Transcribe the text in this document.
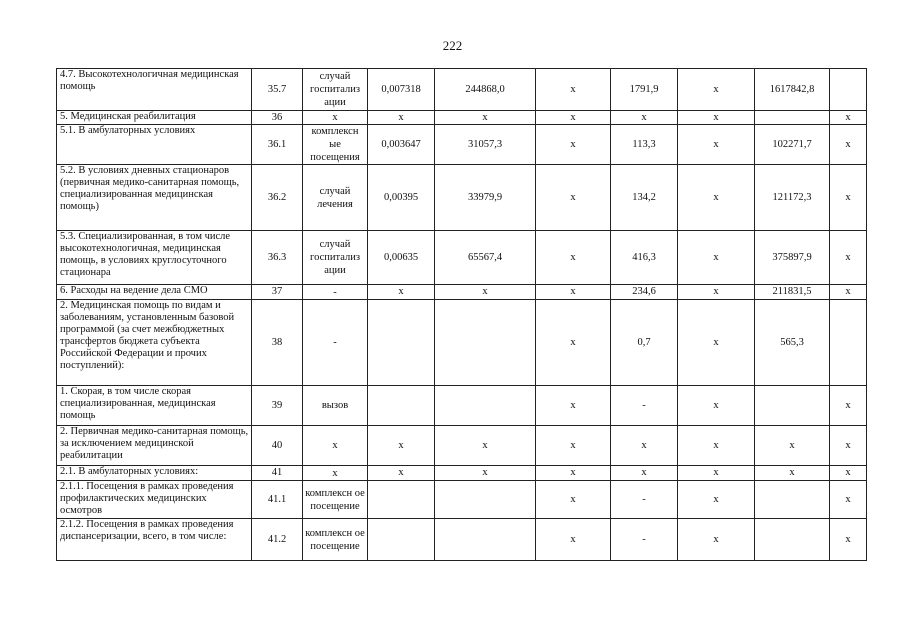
222
4.7. Высокотехнологичная медицинская помощь	35.7	случай госпитализ ации	0,007318	244868,0	х	1791,9	х	1617842,8	
5. Медицинская реабилитация	36	х	х	х	х	х	х		х
5.1. В амбулаторных условиях	36.1	комплексн ые посещения	0,003647	31057,3	х	113,3	х	102271,7	х
5.2. В условиях дневных стационаров (первичная медико-санитарная помощь, специализированная медицинская помощь)	36.2	случай лечения	0,00395	33979,9	х	134,2	х	121172,3	х
5.3. Специализированная, в том числе высокотехнологичная, медицинская помощь, в условиях круглосуточного стационара	36.3	случай госпитализ ации	0,00635	65567,4	х	416,3	х	375897,9	х
6. Расходы на ведение дела СМО	37	-	х	х	х	234,6	х	211831,5	х
2. Медицинская помощь по видам и заболеваниям, установленным базовой программой (за счет межбюджетных трансфертов бюджета субъекта Российской Федерации и прочих поступлений):	38	-			х	0,7	х	565,3	
1. Скорая, в том числе скорая специализированная, медицинская помощь	39	вызов			х	-	х		х
2. Первичная медико-санитарная помощь, за исключением медицинской реабилитации	40	х	х	х	х	х	х	х	х
2.1. В амбулаторных условиях:	41	х	х	х	х	х	х	х	х
2.1.1. Посещения в рамках проведения профилактических медицинских осмотров	41.1	комплексн ое посещение			х	-	х		х
2.1.2. Посещения в рамках проведения диспансеризации, всего, в том числе:	41.2	комплексн ое посещение			х	-	х		х
